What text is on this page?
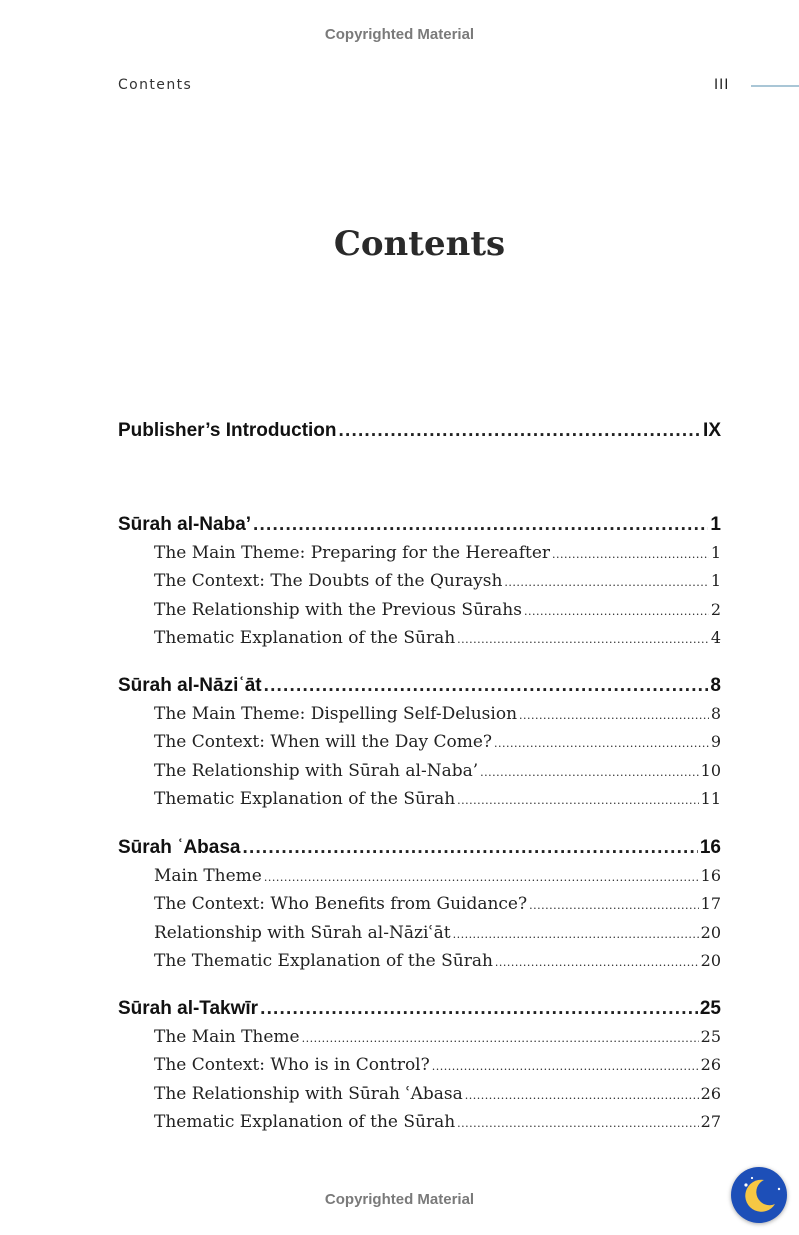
Copyrighted Material
Contents	III
Contents
Publisher’s Introduction .....	IX
Sūrah al-Naba’ .....	1
The Main Theme: Preparing for the Hereafter .....	1
The Context: The Doubts of the Quraysh .....	1
The Relationship with the Previous Sūrahs .....	2
Thematic Explanation of the Sūrah .....	4
Sūrah al-Nāziʿāt .....	8
The Main Theme: Dispelling Self-Delusion .....	8
The Context: When will the Day Come? .....	9
The Relationship with Sūrah al-Naba’ .....	10
Thematic Explanation of the Sūrah .....	11
Sūrah ʿAbasa .....	16
Main Theme .....	16
The Context: Who Benefits from Guidance? .....	17
Relationship with Sūrah al-Nāziʿāt .....	20
The Thematic Explanation of the Sūrah .....	20
Sūrah al-Takwīr .....	25
The Main Theme .....	25
The Context: Who is in Control? .....	26
The Relationship with Sūrah ʿAbasa .....	26
Thematic Explanation of the Sūrah .....	27
Copyrighted Material
